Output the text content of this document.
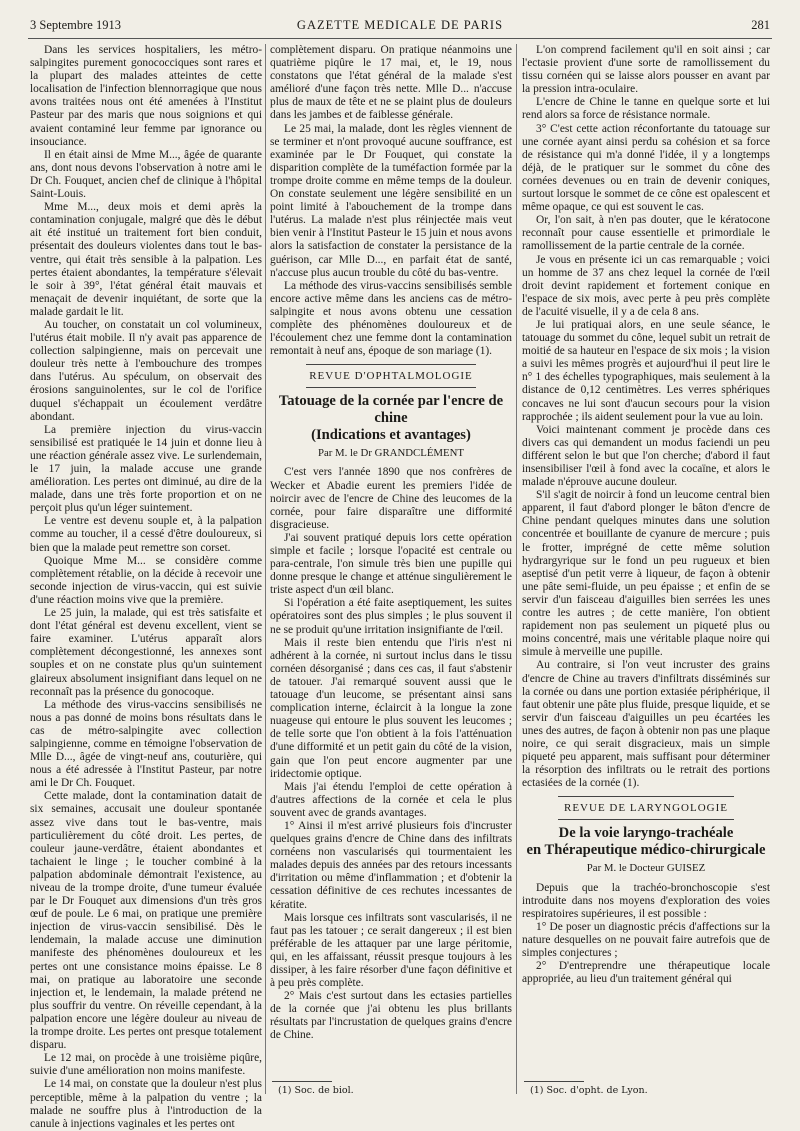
3 Septembre 1913	GAZETTE MEDICALE DE PARIS	281

Dans les services hospitaliers, les métro-salpingites purement gonococciques sont rares et la plupart des malades atteintes de cette localisation de l'infection blennorragique que nous avons traitées nous ont été amenées à l'Institut Pasteur par des maris que nous soignions et qui avaient contaminé leur femme par ignorance ou insouciance.

Il en était ainsi de Mme M..., âgée de quarante ans, dont nous devons l'observation à notre ami le Dr Ch. Fouquet, ancien chef de clinique à l'hôpital Saint-Louis.

Mme M..., deux mois et demi après la contamination conjugale, malgré que dès le début ait été institué un traitement fort bien conduit, présentait des douleurs violentes dans tout le bas-ventre, qui était très sensible à la palpation. Les pertes étaient abondantes, la température s'élevait le soir à 39°, l'état général était mauvais et menaçait de devenir inquiétant, de sorte que la malade gardait le lit.

Au toucher, on constatait un col volumineux, l'utérus était mobile. Il n'y avait pas apparence de collection salpingienne, mais on percevait une douleur très nette à l'embouchure des trompes dans l'utérus. Au spéculum, on observait des érosions sanguinolentes, sur le col de l'orifice duquel s'échappait un écoulement verdâtre abondant.

La première injection du virus-vaccin sensibilisé est pratiquée le 14 juin et donne lieu à une réaction générale assez vive. Le surlendemain, le 17 juin, la malade accuse une grande amélioration. Les pertes ont diminué, au dire de la malade, dans une très forte proportion et on ne perçoit plus qu'un léger suintement.

Le ventre est devenu souple et, à la palpation comme au toucher, il a cessé d'être douloureux, si bien que la malade peut remettre son corset.

Quoique Mme M... se considère comme complètement rétablie, on la décide à recevoir une seconde injection de virus-vaccin, qui est suivie d'une réaction moins vive que la première.

Le 25 juin, la malade, qui est très satisfaite et dont l'état général est devenu excellent, vient se faire examiner. L'utérus apparaît alors complètement décongestionné, les annexes sont souples et on ne constate plus qu'un suintement glaireux absolument insignifiant dans lequel on ne reconnaît pas la présence du gonocoque.

La méthode des virus-vaccins sensibilisés ne nous a pas donné de moins bons résultats dans le cas de métro-salpingite avec collection salpingienne, comme en témoigne l'observation de Mlle D..., âgée de vingt-neuf ans, couturière, qui nous a été adressée à l'Institut Pasteur, par notre ami le Dr Ch. Fouquet.

Cette malade, dont la contamination datait de six semaines, accusait une douleur spontanée assez vive dans tout le bas-ventre, mais particulièrement du côté droit. Les pertes, de couleur jaune-verdâtre, étaient abondantes et tachaient le linge ; le toucher combiné à la palpation abdominale démontrait l'existence, au niveau de la trompe droite, d'une tumeur évaluée par le Dr Fouquet aux dimensions d'un très gros œuf de poule. Le 6 mai, on pratique une première injection de virus-vaccin sensibilisé. Dès le lendemain, la malade accuse une diminution manifeste des phénomènes douloureux et les pertes ont une consistance moins épaisse. Le 8 mai, on pratique au laboratoire une seconde injection et, le lendemain, la malade prétend ne plus souffrir du ventre. On réveille cependant, à la palpation encore une légère douleur au niveau de la trompe droite. Les pertes ont presque totalement disparu.

Le 12 mai, on procède à une troisième piqûre, suivie d'une amélioration non moins manifeste.

Le 14 mai, on constate que la douleur n'est plus perceptible, même à la palpation du ventre ; la malade ne souffre plus à l'introduction de la canule à injections vaginales et les pertes ont

complètement disparu. On pratique néanmoins une quatrième piqûre le 17 mai, et, le 19, nous constatons que l'état général de la malade s'est amélioré d'une façon très nette. Mlle D... n'accuse plus de maux de tête et ne se plaint plus de douleurs dans les jambes et de faiblesse générale.

Le 25 mai, la malade, dont les règles viennent de se terminer et n'ont provoqué aucune souffrance, est examinée par le Dr Fouquet, qui constate la disparition complète de la tuméfaction formée par la trompe droite comme en même temps de la douleur. On constate seulement une légère sensibilité en un point limité à l'abouchement de la trompe dans l'utérus. La malade n'est plus réinjectée mais veut bien venir à l'Institut Pasteur le 15 juin et nous avons alors la satisfaction de constater la persistance de la guérison, car Mlle D..., en parfait état de santé, n'accuse plus aucun trouble du côté du bas-ventre.

La méthode des virus-vaccins sensibilisés semble encore active même dans les anciens cas de métro-salpingite et nous avons obtenu une cessation complète des phénomènes douloureux et de l'écoulement chez une femme dont la contamination remontait à neuf ans, époque de son mariage (1).

REVUE D'OPHTALMOLOGIE
Tatouage de la cornée par l'encre de chine
(Indications et avantages)
Par M. le Dr GRANDCLÉMENT

C'est vers l'année 1890 que nos confrères de Wecker et Abadie eurent les premiers l'idée de noircir avec de l'encre de Chine des leucomes de la cornée, pour faire disparaître une difformité disgracieuse.

J'ai souvent pratiqué depuis lors cette opération simple et facile ; lorsque l'opacité est centrale ou para-centrale, l'on simule très bien une pupille qui donne presque le change et atténue singulièrement le triste aspect d'un œil blanc.

Si l'opération a été faite aseptiquement, les suites opératoires sont des plus simples ; le plus souvent il ne se produit qu'une irritation insignifiante de l'œil.

Mais il reste bien entendu que l'iris n'est ni adhérent à la cornée, ni surtout inclus dans le tissu cornéen désorganisé ; dans ces cas, il faut s'abstenir de tatouer. J'ai remarqué souvent aussi que le tatouage d'un leucome, se présentant ainsi sans complication interne, éclaircit à la longue la zone nuageuse qui entoure le plus souvent les leucomes ; de telle sorte que l'on obtient à la fois l'atténuation d'une difformité et un petit gain du côté de la vision, gain que l'on peut encore augmenter par une iridectomie optique.

Mais j'ai étendu l'emploi de cette opération à d'autres affections de la cornée et cela le plus souvent avec de grands avantages.

1° Ainsi il m'est arrivé plusieurs fois d'incruster quelques grains d'encre de Chine dans des infiltrats cornéens non vascularisés qui tourmentaient les malades depuis des années par des retours incessants d'irritation ou même d'inflammation ; et d'obtenir la cessation définitive de ces rechutes incessantes de kératite.

Mais lorsque ces infiltrats sont vascularisés, il ne faut pas les tatouer ; ce serait dangereux ; il est bien préférable de les attaquer par une large péritomie, qui, en les affaissant, réussit presque toujours à les dissiper, à les faire résorber d'une façon définitive et à peu près complète.

2° Mais c'est surtout dans les ectasies partielles de la cornée que j'ai obtenu les plus brillants résultats par l'incrustation de quelques grains d'encre de Chine.

(1) Soc. de biol.

L'on comprend facilement qu'il en soit ainsi ; car l'ectasie provient d'une sorte de ramollissement du tissu cornéen qui se laisse alors pousser en avant par la pression intra-oculaire.

L'encre de Chine le tanne en quelque sorte et lui rend alors sa force de résistance normale.

3° C'est cette action réconfortante du tatouage sur une cornée ayant ainsi perdu sa cohésion et sa force de résistance qui m'a donné l'idée, il y a longtemps déjà, de le pratiquer sur le sommet du cône des cornées devenues ou en train de devenir coniques, surtout lorsque le sommet de ce cône est opalescent et même opaque, ce qui est souvent le cas.

Or, l'on sait, à n'en pas douter, que le kératocone reconnaît pour cause essentielle et primordiale le ramollissement de la partie centrale de la cornée.

Je vous en présente ici un cas remarquable ; voici un homme de 37 ans chez lequel la cornée de l'œil droit devint rapidement et fortement conique en l'espace de six mois, avec perte à peu près complète de l'acuité visuelle, il y a de cela 8 ans.

Je lui pratiquai alors, en une seule séance, le tatouage du sommet du cône, lequel subit un retrait de moitié de sa hauteur en l'espace de six mois ; la vision a suivi les mêmes progrès et aujourd'hui il peut lire le n° 1 des échelles typographiques, mais seulement à la distance de 0,12 centimètres. Les verres sphériques concaves ne lui sont d'aucun secours pour la vision rapprochée ; ils aident seulement pour la vue au loin.

Voici maintenant comment je procède dans ces divers cas qui demandent un modus faciendi un peu différent selon le but que l'on cherche; d'abord il faut insensibiliser l'œil à fond avec la cocaïne, et alors le malade n'éprouve aucune douleur.

S'il s'agit de noircir à fond un leucome central bien apparent, il faut d'abord plonger le bâton d'encre de Chine pendant quelques minutes dans une solution concentrée et bouillante de cyanure de mercure ; puis le frotter, imprégné de cette même solution hydrargyrique sur le fond un peu rugueux et bien aseptisé d'un petit verre à liqueur, de façon à obtenir une pâte semi-fluide, un peu épaisse ; et enfin de se servir d'un faisceau d'aiguilles bien serrées les unes contre les autres ; de cette manière, l'on obtient rapidement non pas seulement un piqueté plus ou moins concentré, mais une véritable plaque noire qui simule à merveille une pupille.

Au contraire, si l'on veut incruster des grains d'encre de Chine au travers d'infiltrats disséminés sur la cornée ou dans une portion extasiée périphérique, il faut obtenir une pâte plus fluide, presque liquide, et se servir d'un faisceau d'aiguilles un peu écartées les unes des autres, de façon à obtenir non pas une plaque noire, ce qui serait disgracieux, mais un simple piqueté peu apparent, mais suffisant pour déterminer la résorption des infiltrats ou le retrait des portions ectasiées de la cornée (1).

REVUE DE LARYNGOLOGIE
De la voie laryngo-trachéale
en Thérapeutique médico-chirurgicale
Par M. le Docteur GUISEZ

Depuis que la trachéo-bronchoscopie s'est introduite dans nos moyens d'exploration des voies respiratoires supérieures, il est possible :

1° De poser un diagnostic précis d'affections sur la nature desquelles on ne pouvait faire autrefois que de simples conjectures ;

2° D'entreprendre une thérapeutique locale appropriée, au lieu d'un traitement général qui

(1) Soc. d'opht. de Lyon.
